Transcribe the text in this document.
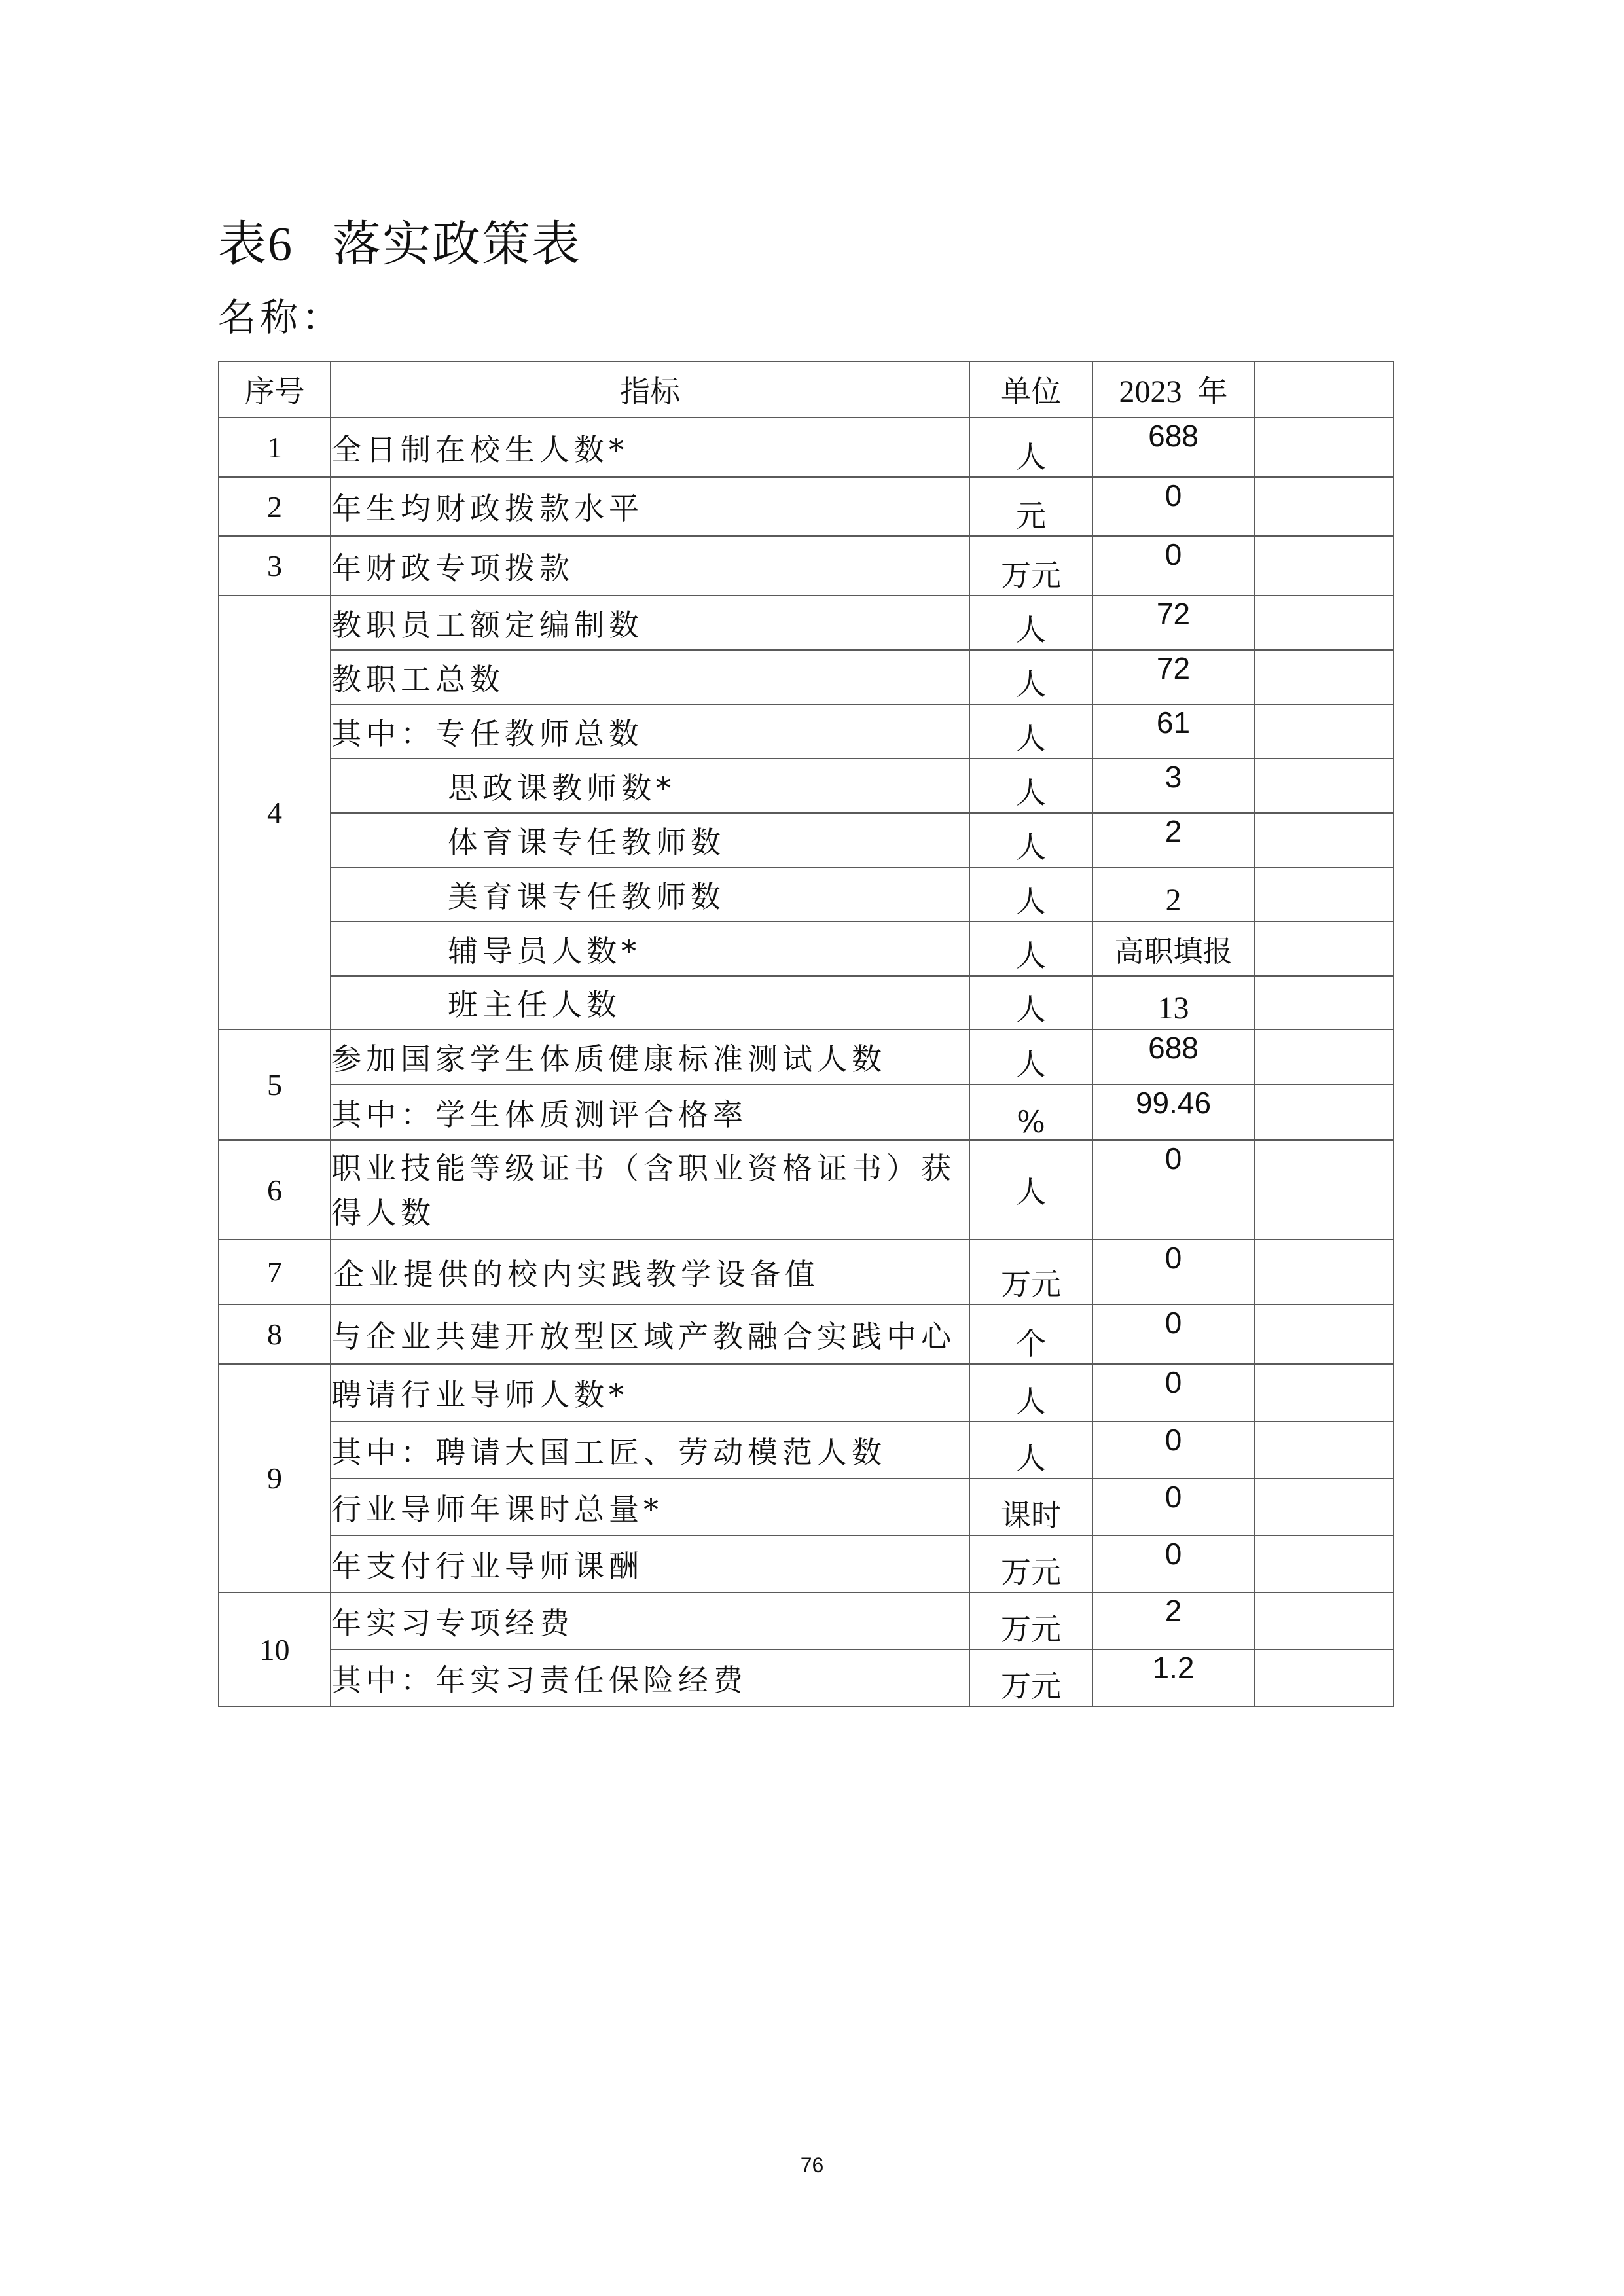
表6 落实政策表
名称：
序号	指标	单位	2023 年	
1	全日制在校生人数*	人	688	
2	年生均财政拨款水平	元	0	
3	年财政专项拨款	万元	0	
4	教职员工额定编制数	人	72	
	教职工总数	人	72	
	其中：专任教师总数	人	61	
	思政课教师数*	人	3	
	体育课专任教师数	人	2	
	美育课专任教师数	人	2	
	辅导员人数*	人	高职填报	
	班主任人数	人	13	
5	参加国家学生体质健康标准测试人数	人	688	
	其中：学生体质测评合格率	%	99.46	
6	职业技能等级证书（含职业资格证书）获得人数	人	0	
7	企业提供的校内实践教学设备值	万元	0	
8	与企业共建开放型区域产教融合实践中心	个	0	
9	聘请行业导师人数*	人	0	
	其中：聘请大国工匠、劳动模范人数	人	0	
	行业导师年课时总量*	课时	0	
	年支付行业导师课酬	万元	0	
10	年实习专项经费	万元	2	
	其中：年实习责任保险经费	万元	1.2	
76
